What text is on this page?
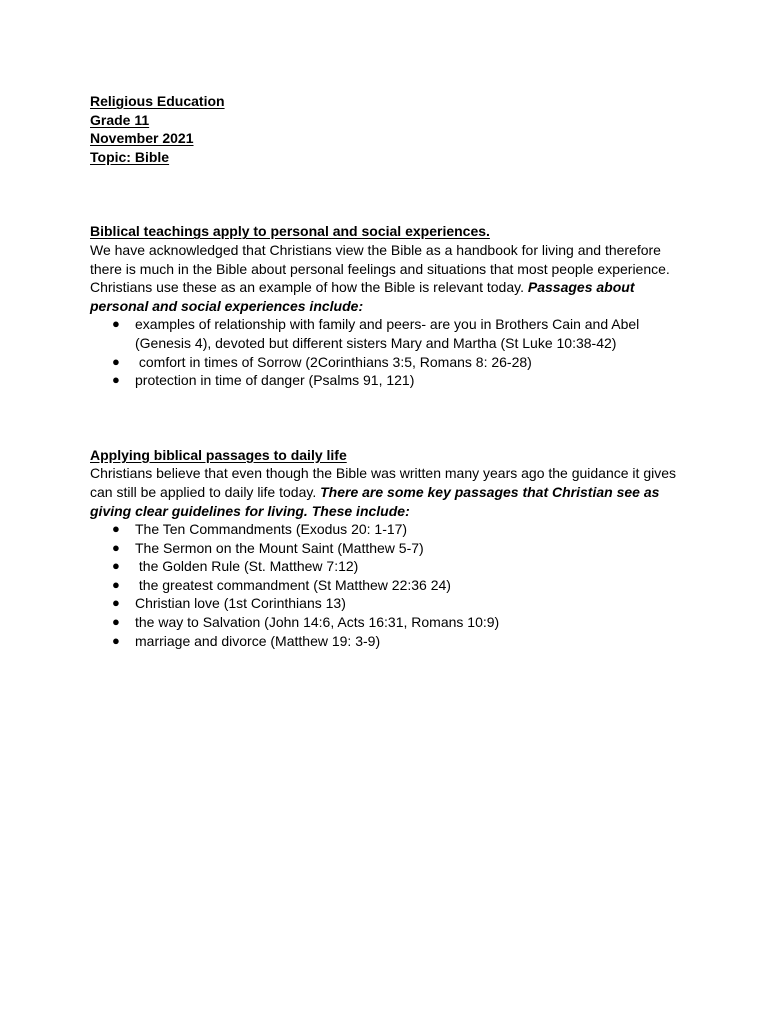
Religious Education
Grade 11
November 2021
Topic: Bible
Biblical teachings apply to personal and social experiences.

We have acknowledged that Christians view the Bible as a handbook for living and therefore there is much in the Bible about personal feelings and situations that most people experience. Christians use these as an example of how the Bible is relevant today. Passages about personal and social experiences include:

● examples of relationship with family and peers- are you in Brothers Cain and Abel (Genesis 4), devoted but different sisters Mary and Martha (St Luke 10:38-42)
● comfort in times of Sorrow (2Corinthians 3:5, Romans 8: 26-28)
● protection in time of danger (Psalms 91, 121)
Applying biblical passages to daily life

Christians believe that even though the Bible was written many years ago the guidance it gives can still be applied to daily life today. There are some key passages that Christian see as giving clear guidelines for living. These include:

● The Ten Commandments (Exodus 20: 1-17)
● The Sermon on the Mount Saint (Matthew 5-7)
● the Golden Rule (St. Matthew 7:12)
● the greatest commandment (St Matthew 22:36 24)
● Christian love (1st Corinthians 13)
● the way to Salvation (John 14:6, Acts 16:31, Romans 10:9)
● marriage and divorce (Matthew 19: 3-9)
